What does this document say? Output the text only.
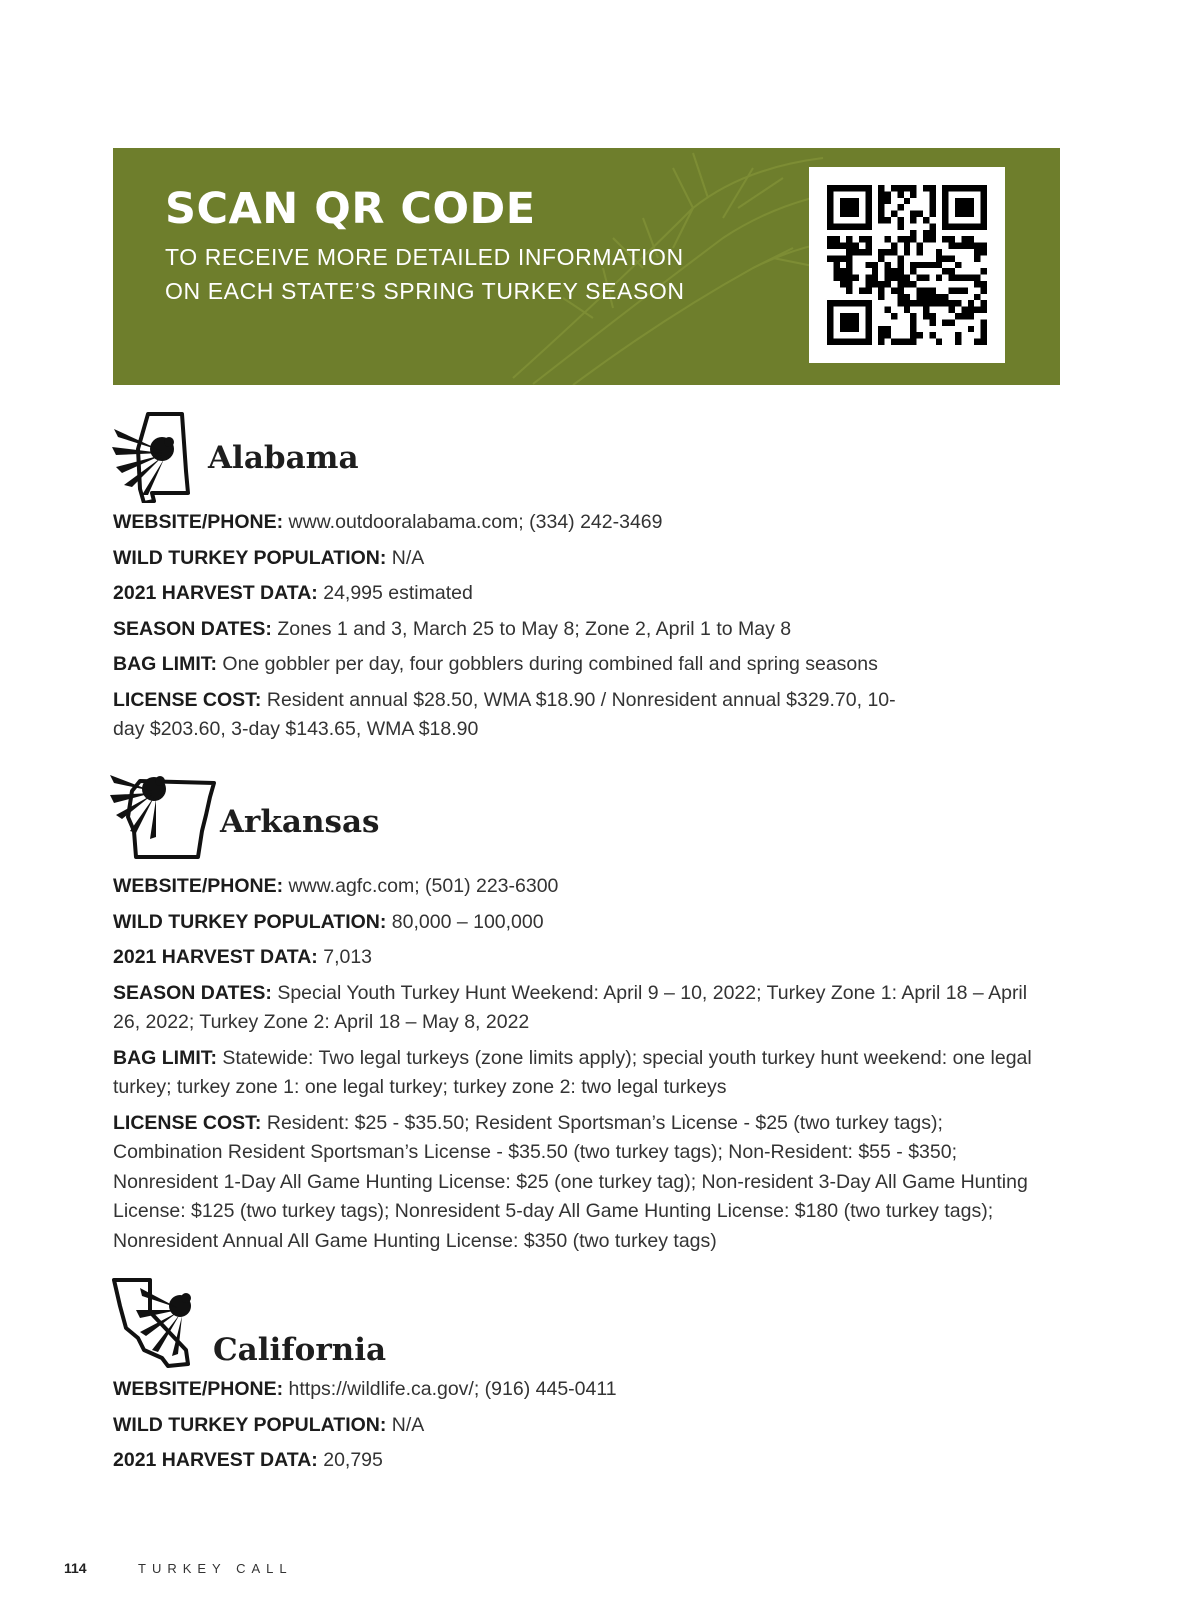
SCAN QR CODE
TO RECEIVE MORE DETAILED INFORMATION
ON EACH STATE’S SPRING TURKEY SEASON
Alabama
WEBSITE/PHONE: www.outdooralabama.com; (334) 242-3469
WILD TURKEY POPULATION: N/A
2021 HARVEST DATA: 24,995 estimated
SEASON DATES: Zones 1 and 3, March 25 to May 8; Zone 2, April 1 to May 8
BAG LIMIT: One gobbler per day, four gobblers during combined fall and spring seasons
LICENSE COST: Resident annual $28.50, WMA $18.90 / Nonresident annual $329.70, 10-day $203.60, 3-day $143.65, WMA $18.90
Arkansas
WEBSITE/PHONE: www.agfc.com; (501) 223-6300
WILD TURKEY POPULATION: 80,000 – 100,000
2021 HARVEST DATA: 7,013
SEASON DATES: Special Youth Turkey Hunt Weekend: April 9 – 10, 2022; Turkey Zone 1: April 18 – April 26, 2022; Turkey Zone 2: April 18 – May 8, 2022
BAG LIMIT: Statewide: Two legal turkeys (zone limits apply); special youth turkey hunt weekend: one legal turkey; turkey zone 1: one legal turkey; turkey zone 2: two legal turkeys
LICENSE COST: Resident: $25 - $35.50; Resident Sportsman’s License - $25 (two turkey tags); Combination Resident Sportsman’s License - $35.50 (two turkey tags); Non-Resident: $55 - $350; Nonresident 1-Day All Game Hunting License: $25 (one turkey tag); Non-resident 3-Day All Game Hunting License: $125 (two turkey tags); Nonresident 5-day All Game Hunting License: $180 (two turkey tags); Nonresident Annual All Game Hunting License: $350 (two turkey tags)
California
WEBSITE/PHONE: https://wildlife.ca.gov/; (916) 445-0411
WILD TURKEY POPULATION: N/A
2021 HARVEST DATA: 20,795
114	TURKEY CALL
